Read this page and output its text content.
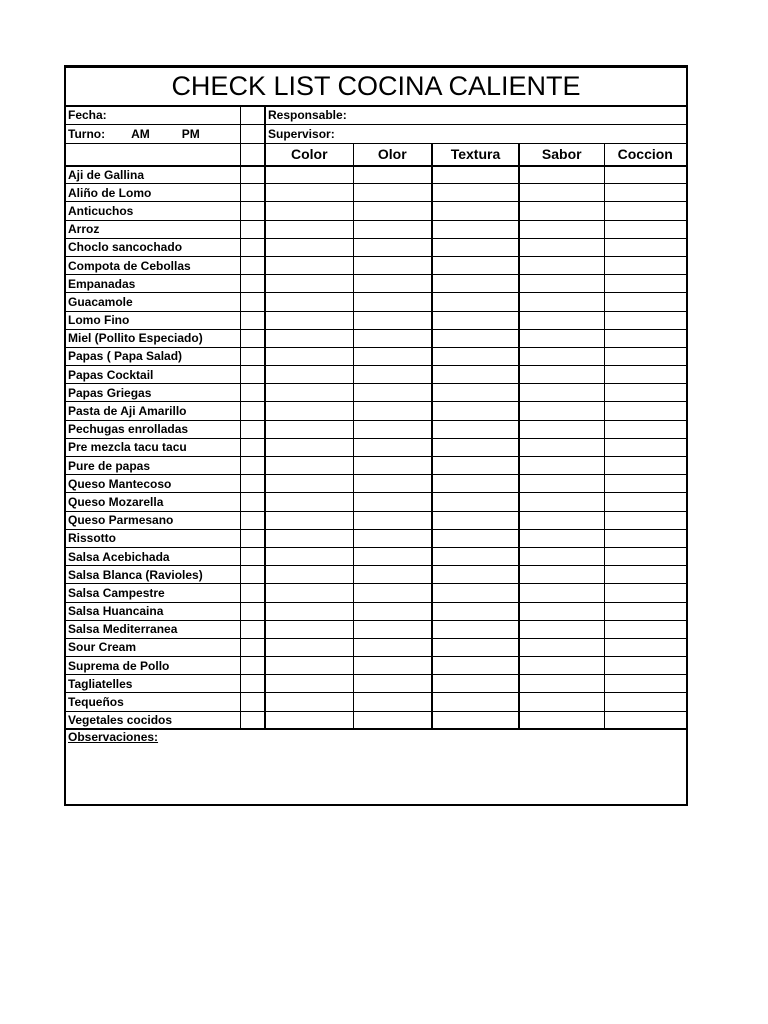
CHECK LIST COCINA CALIENTE						
Fecha:		Responsable:				
Turno: AM PM		Supervisor:				
		Color	Olor	Textura	Sabor	Coccion
Aji de Gallina						
Aliño de Lomo						
Anticuchos						
Arroz						
Choclo sancochado						
Compota de Cebollas						
Empanadas						
Guacamole						
Lomo Fino						
Miel (Pollito Especiado)						
Papas ( Papa Salad)						
Papas Cocktail						
Papas Griegas						
Pasta de Aji Amarillo						
Pechugas enrolladas						
Pre mezcla tacu tacu						
Pure de papas						
Queso Mantecoso						
Queso Mozarella						
Queso Parmesano						
Rissotto						
Salsa Acebichada						
Salsa Blanca (Ravioles)						
Salsa Campestre						
Salsa Huancaina						
Salsa Mediterranea						
Sour Cream						
Suprema de Pollo						
Tagliatelles						
Tequeños						
Vegetales cocidos						
Observaciones:						
